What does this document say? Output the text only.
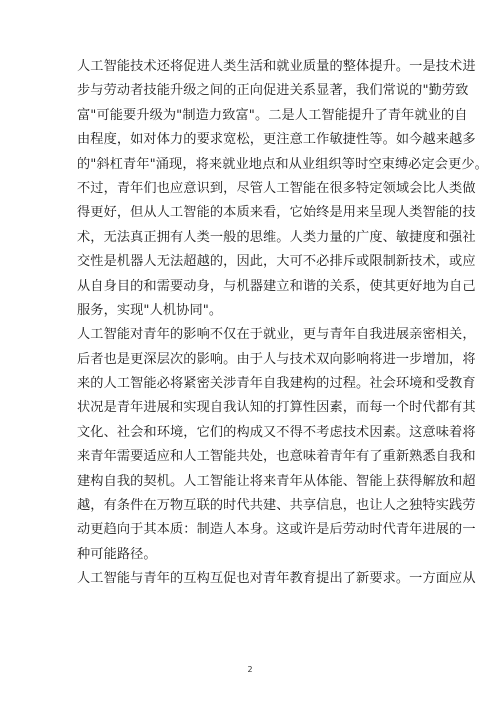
人工智能技术还将促进人类生活和就业质量的整体提升。一是技术进
步与劳动者技能升级之间的正向促进关系显著，我们常说的"勤劳致
富"可能要升级为"制造力致富"。二是人工智能提升了青年就业的自
由程度，如对体力的要求宽松，更注意工作敏捷性等。如今越来越多
的"斜杠青年"涌现，将来就业地点和从业组织等时空束缚必定会更少。
不过，青年们也应意识到，尽管人工智能在很多特定领域会比人类做
得更好，但从人工智能的本质来看，它始终是用来呈现人类智能的技
术，无法真正拥有人类一般的思维。人类力量的广度、敏捷度和强社
交性是机器人无法超越的，因此，大可不必排斥或限制新技术，或应
从自身目的和需要动身，与机器建立和谐的关系，使其更好地为自己
服务，实现"人机协同"。
人工智能对青年的影响不仅在于就业，更与青年自我进展亲密相关，
后者也是更深层次的影响。由于人与技术双向影响将进一步增加，将
来的人工智能必将紧密关涉青年自我建构的过程。社会环境和受教育
状况是青年进展和实现自我认知的打算性因素，而每一个时代都有其
文化、社会和环境，它们的构成又不得不考虑技术因素。这意味着将
来青年需要适应和人工智能共处，也意味着青年有了重新熟悉自我和
建构自我的契机。人工智能让将来青年从体能、智能上获得解放和超
越，有条件在万物互联的时代共建、共享信息，也让人之独特实践劳
动更趋向于其本质：制造人本身。这或许是后劳动时代青年进展的一
种可能路径。
人工智能与青年的互构互促也对青年教育提出了新要求。一方面应从
2
